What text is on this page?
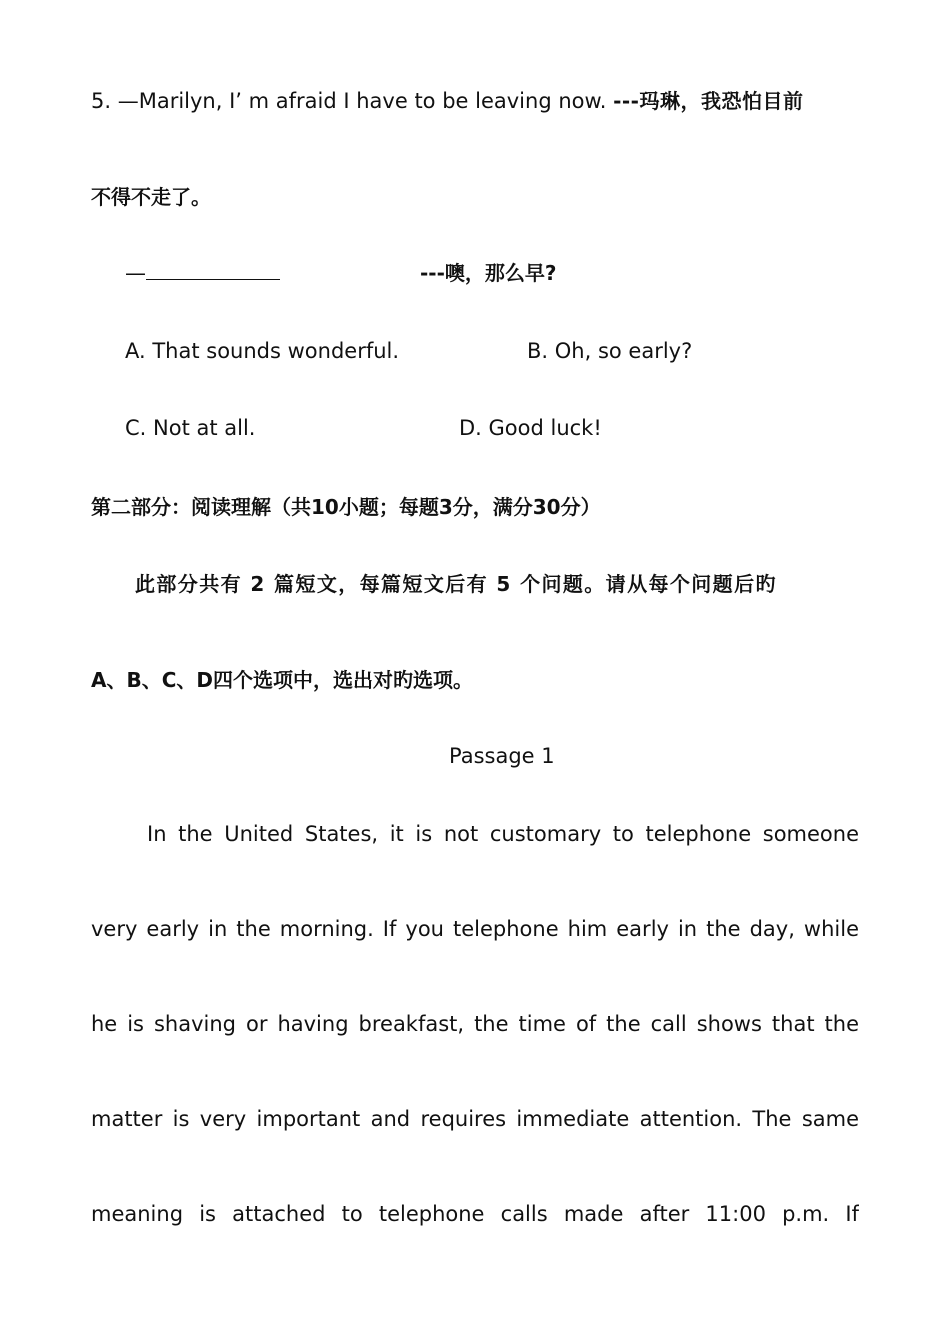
5. —Marilyn, I’ m afraid I have to be leaving now. ---玛琳，我恐怕目前
不得不走了。
—	---噢，那么早?
A. That sounds wonderful.	B. Oh, so early?
C. Not at all.	D. Good luck!
第二部分：阅读理解（共10小题；每题3分，满分30分）
此部分共有 2 篇短文，每篇短文后有 5 个问题。请从每个问题后旳
A、B、C、D四个选项中，选出对旳选项。
Passage 1
In the United States, it is not customary to telephone someone
very early in the morning. If you telephone him early in the day, while
he is shaving or having breakfast, the time of the call shows that the
matter is very important and requires immediate attention. The same
meaning is attached to telephone calls made after 11:00 p.m. If
